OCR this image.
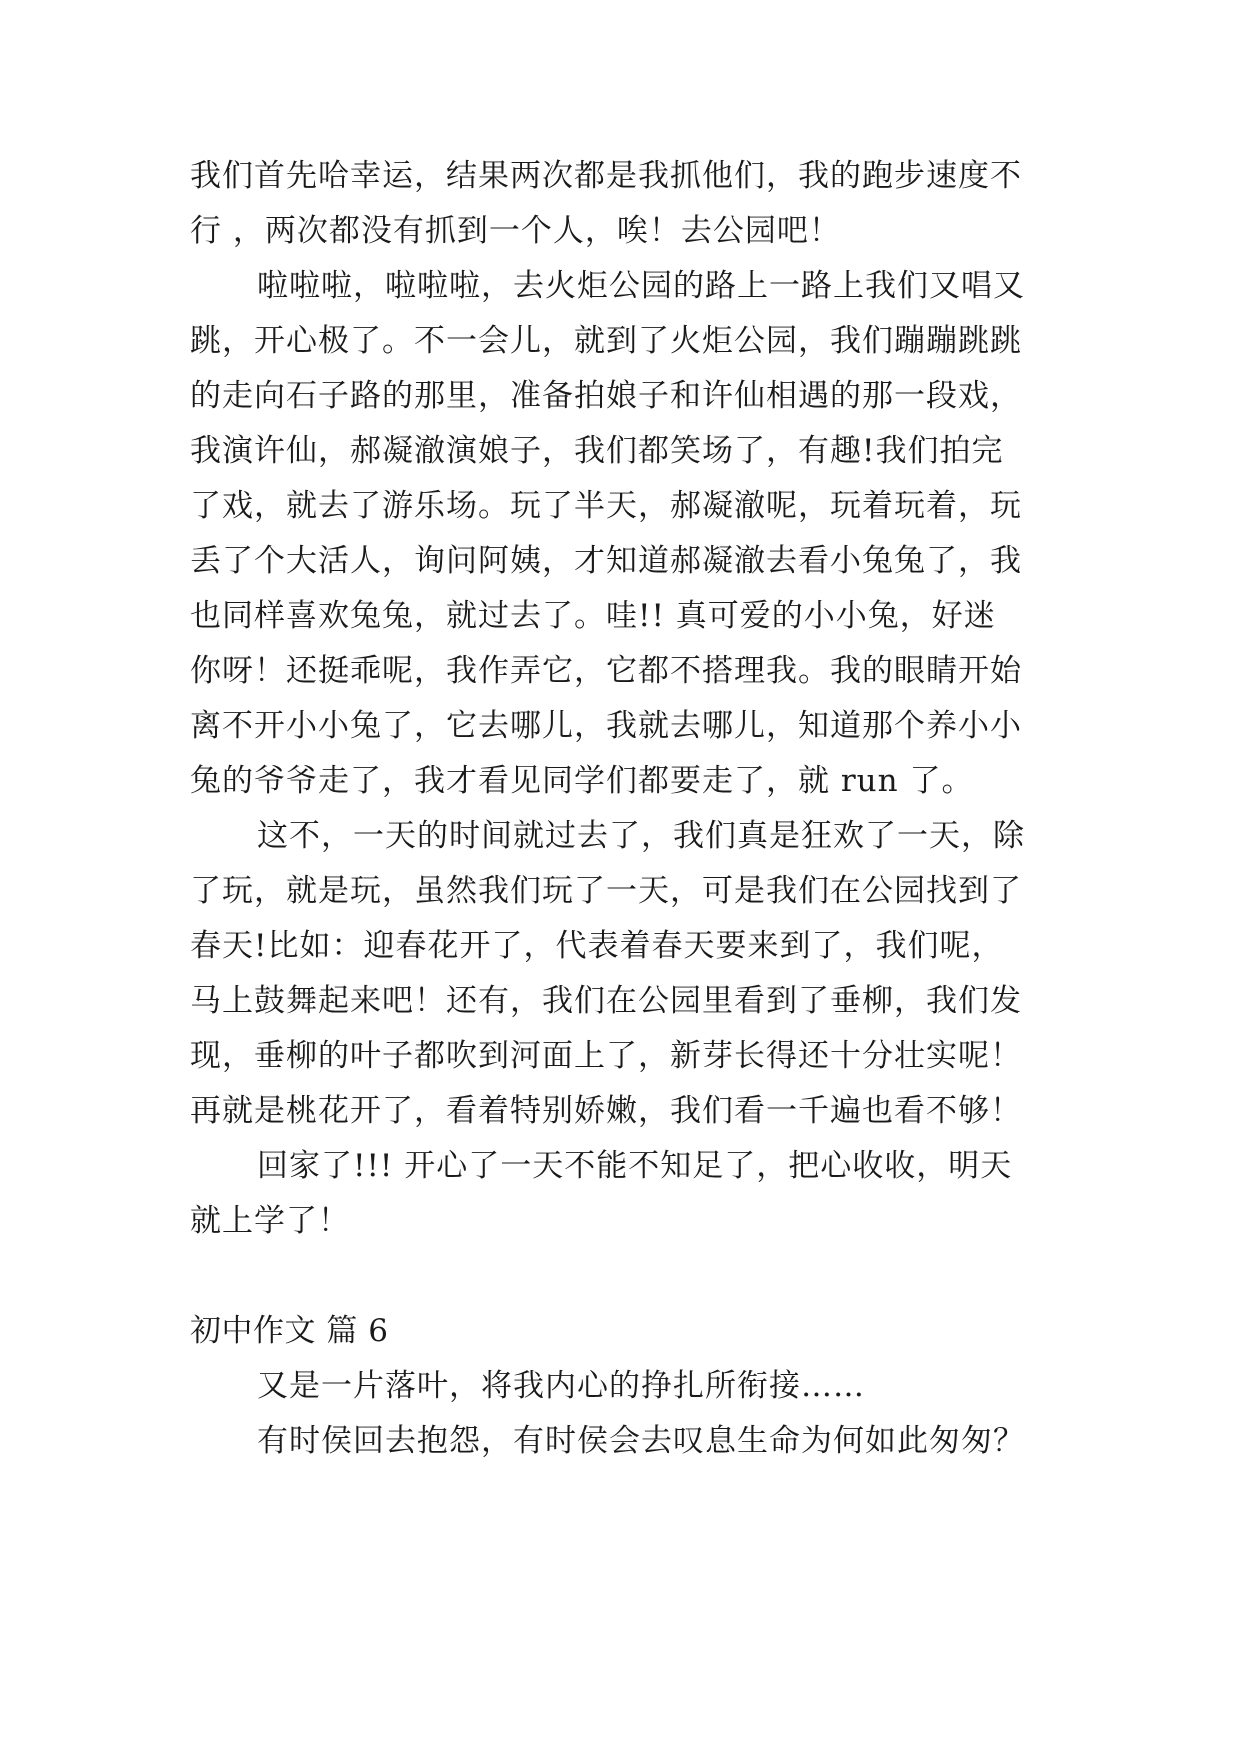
我们首先哈幸运，结果两次都是我抓他们，我的跑步速度不
行 ，两次都没有抓到一个人，唉！去公园吧！
啦啦啦，啦啦啦，去火炬公园的路上一路上我们又唱又
跳，开心极了。不一会儿，就到了火炬公园，我们蹦蹦跳跳
的走向石子路的那里，准备拍娘子和许仙相遇的那一段戏，
我演许仙，郝凝澈演娘子，我们都笑场了，有趣!我们拍完
了戏，就去了游乐场。玩了半天，郝凝澈呢，玩着玩着，玩
丢了个大活人，询问阿姨，才知道郝凝澈去看小兔兔了，我
也同样喜欢兔兔，就过去了。哇!! 真可爱的小小兔，好迷
你呀！还挺乖呢，我作弄它，它都不搭理我。我的眼睛开始
离不开小小兔了，它去哪儿，我就去哪儿，知道那个养小小
兔的爷爷走了，我才看见同学们都要走了，就 run 了。
这不，一天的时间就过去了，我们真是狂欢了一天，除
了玩，就是玩，虽然我们玩了一天，可是我们在公园找到了
春天!比如：迎春花开了，代表着春天要来到了，我们呢，
马上鼓舞起来吧！还有，我们在公园里看到了垂柳，我们发
现，垂柳的叶子都吹到河面上了，新芽长得还十分壮实呢！
再就是桃花开了，看着特别娇嫩，我们看一千遍也看不够！
回家了!!! 开心了一天不能不知足了，把心收收，明天
就上学了！
初中作文 篇 6
又是一片落叶，将我内心的挣扎所衔接……
有时侯回去抱怨，有时侯会去叹息生命为何如此匆匆？
